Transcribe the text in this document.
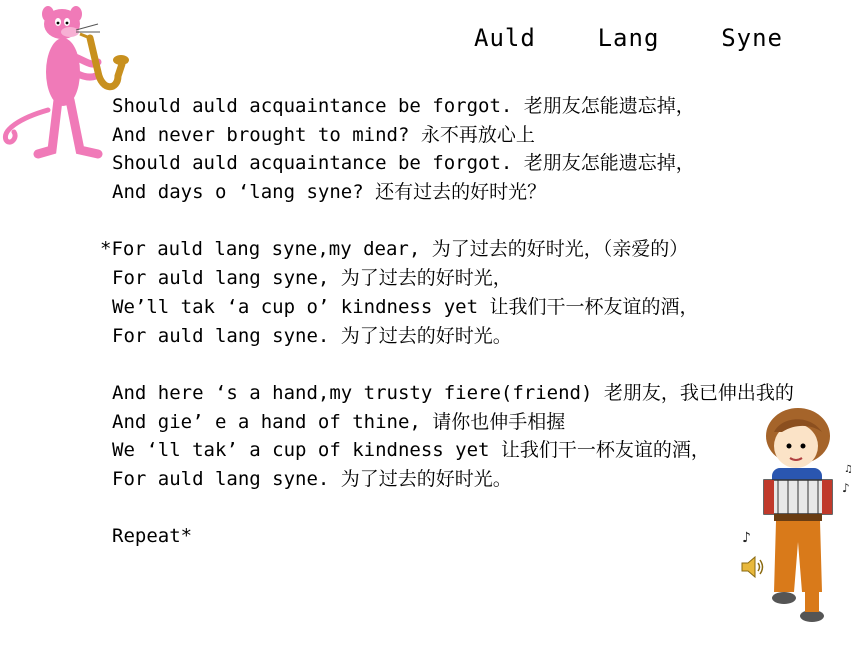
Auld    Lang    Syne
Should auld acquaintance be forgot. 老朋友怎能遗忘掉，
And never brought to mind? 永不再放心上
Should auld acquaintance be forgot. 老朋友怎能遗忘掉，
And days o ‘lang syne? 还有过去的好时光？
*For auld lang syne,my dear, 为了过去的好时光，（亲爱的）
For auld lang syne, 为了过去的好时光，
We’ll tak ‘a cup o’ kindness yet 让我们干一杯友谊的酒，
For auld lang syne. 为了过去的好时光。
And here ‘s a hand,my trusty fiere(friend) 老朋友，我已伸出我的
And gie’ e a hand of thine, 请你也伸手相握
We ‘ll tak’ a cup of kindness yet 让我们干一杯友谊的酒，
For auld lang syne. 为了过去的好时光。
Repeat*	♪
♪
♫
